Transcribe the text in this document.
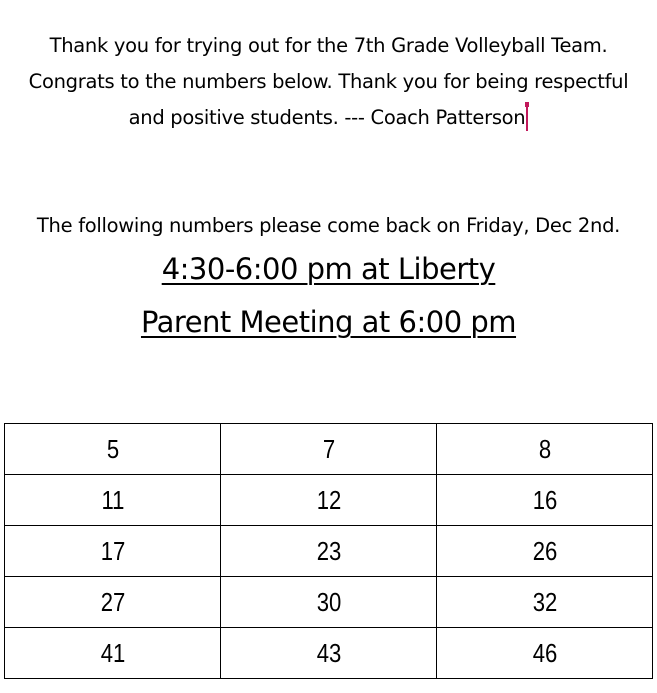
Thank you for trying out for the 7th Grade Volleyball Team.
Congrats to the numbers below. Thank you for being respectful
and positive students. --- Coach Patterson
The following numbers please come back on Friday, Dec 2nd.
4:30-6:00 pm at Liberty
Parent Meeting at 6:00 pm
5	7	8
11	12	16
17	23	26
27	30	32
41	43	46
